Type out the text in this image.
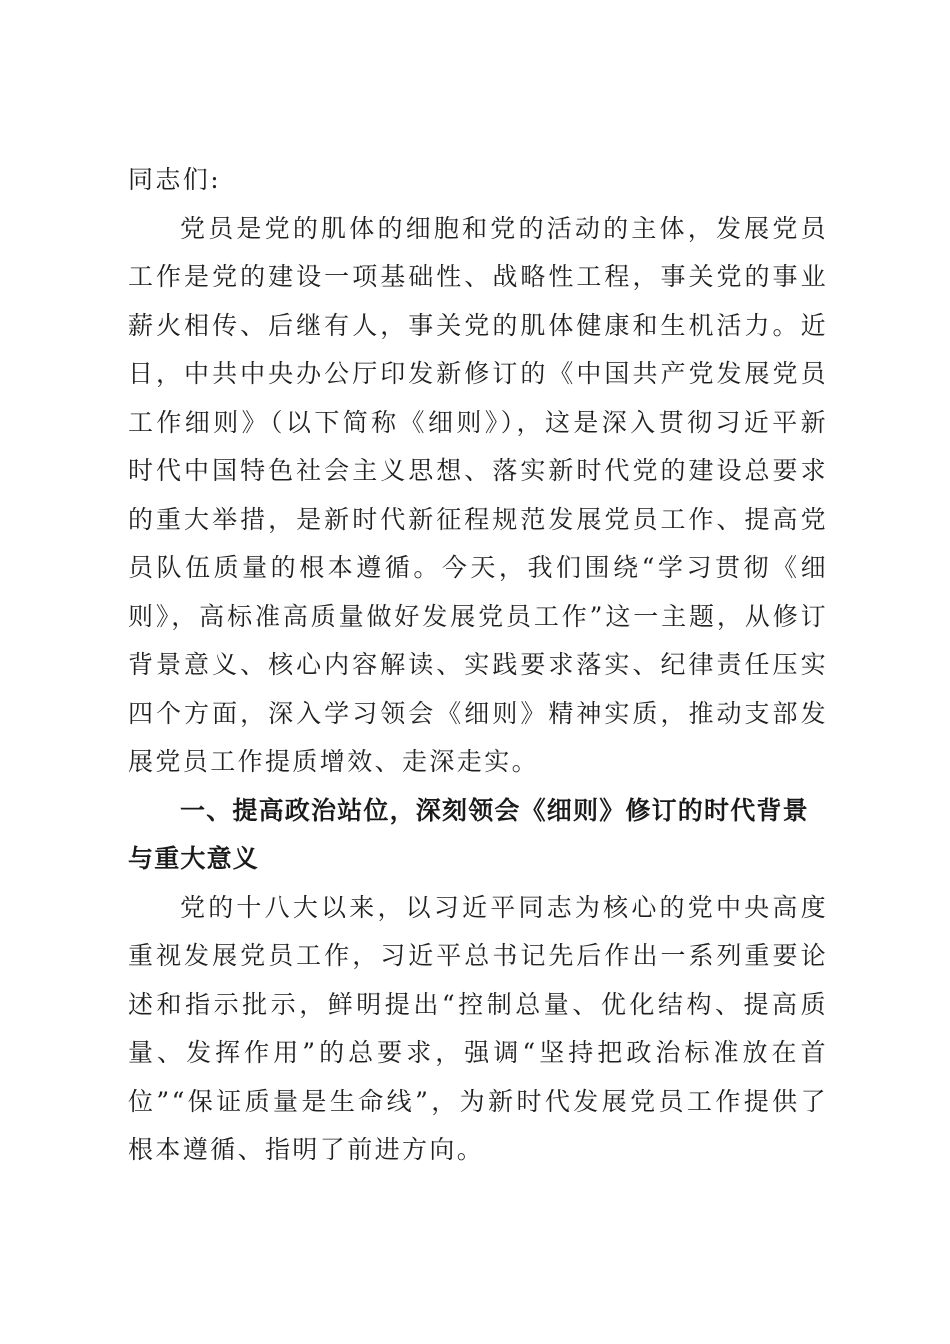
同志们:

党员是党的肌体的细胞和党的活动的主体，发展党员工作是党的建设一项基础性、战略性工程，事关党的事业薪火相传、后继有人，事关党的肌体健康和生机活力。近日，中共中央办公厅印发新修订的《中国共产党发展党员工作细则》（以下简称《细则》），这是深入贯彻习近平新时代中国特色社会主义思想、落实新时代党的建设总要求的重大举措，是新时代新征程规范发展党员工作、提高党员队伍质量的根本遵循。今天，我们围绕“学习贯彻《细则》，高标准高质量做好发展党员工作”这一主题，从修订背景意义、核心内容解读、实践要求落实、纪律责任压实四个方面，深入学习领会《细则》精神实质，推动支部发展党员工作提质增效、走深走实。

一、提高政治站位，深刻领会《细则》修订的时代背景与重大意义

党的十八大以来，以习近平同志为核心的党中央高度重视发展党员工作，习近平总书记先后作出一系列重要论述和指示批示，鲜明提出“控制总量、优化结构、提高质量、发挥作用”的总要求，强调“坚持把政治标准放在首位”“保证质量是生命线”，为新时代发展党员工作提供了根本遵循、指明了前进方向。
